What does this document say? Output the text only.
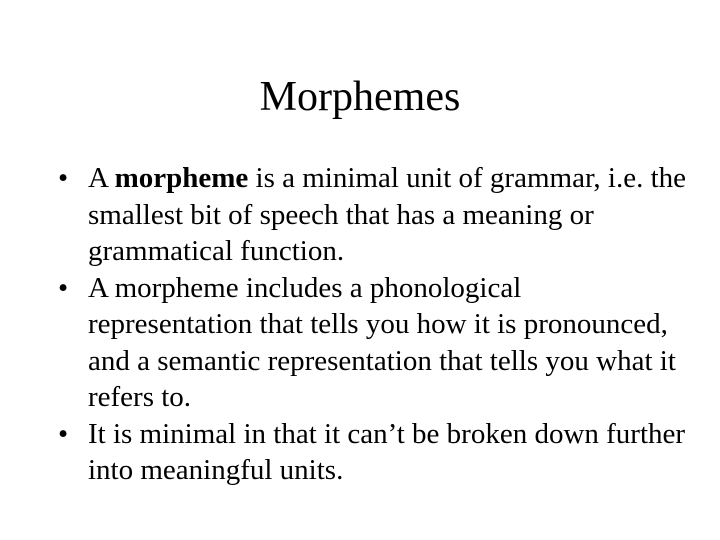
Morphemes
• A morpheme is a minimal unit of grammar, i.e. the smallest bit of speech that has a meaning or grammatical function.
• A morpheme includes a phonological representation that tells you how it is pronounced, and a semantic representation that tells you what it refers to.
• It is minimal in that it can’t be broken down further into meaningful units.
